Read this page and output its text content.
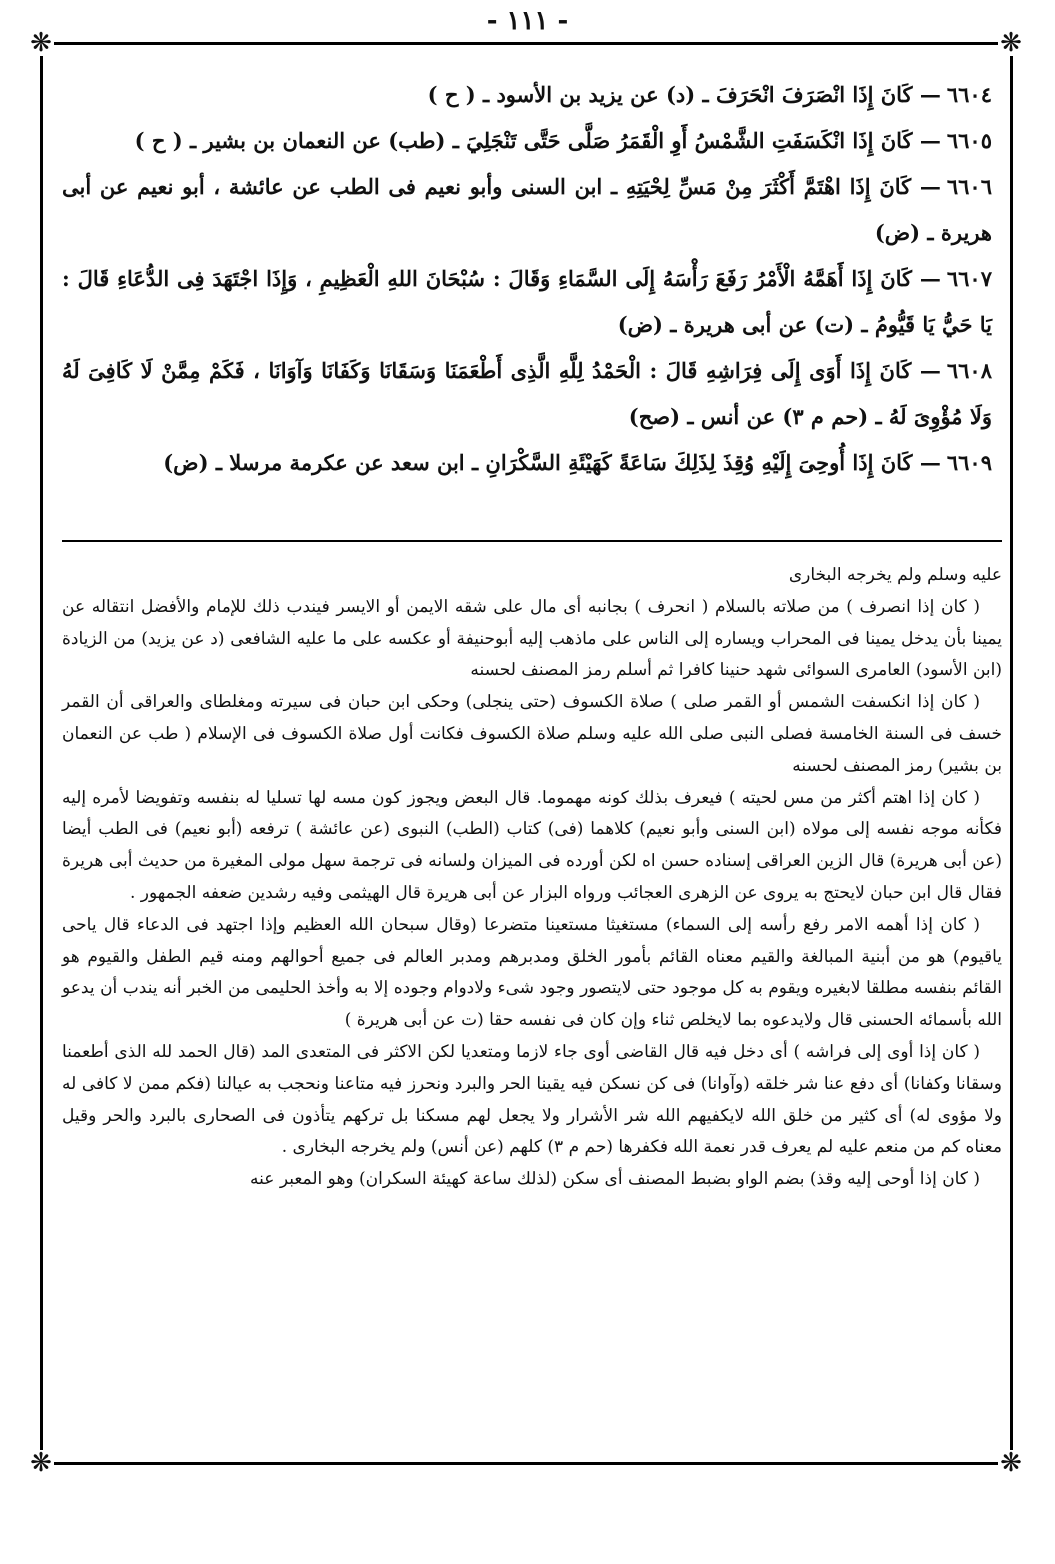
- ١١١ -
❋	❋
❋	❋
٦٦٠٤— كَانَ إِذَا انْصَرَفَ انْحَرَفَ ـ (د) عن يزيد بن الأسود ـ ( ح )
٦٦٠٥— كَانَ إِذَا انْكَسَفَتِ الشَّمْسُ أَوِ الْقَمَرُ صَلَّى حَتَّى تَنْجَلِيَ ـ (طب) عن النعمان بن بشير ـ ( ح )
٦٦٠٦— كَانَ إِذَا اهْتَمَّ أَكْثَرَ مِنْ مَسِّ لِحْيَتِهِ ـ ابن السنى وأبو نعيم فى الطب عن عائشة ، أبو نعيم عن أبى هريرة ـ (ض)
٦٦٠٧— كَانَ إِذَا أَهَمَّهُ الْأَمْرُ رَفَعَ رَأْسَهُ إِلَى السَّمَاءِ وَقَالَ : سُبْحَانَ اللهِ الْعَظِيمِ ، وَإِذَا اجْتَهَدَ فِى الدُّعَاءِ قَالَ : يَا حَيُّ يَا قَيُّومُ ـ (ت) عن أبى هريرة ـ (ض)
٦٦٠٨— كَانَ إِذَا أَوَى إِلَى فِرَاشِهِ قَالَ : الْحَمْدُ لِلَّهِ الَّذِى أَطْعَمَنَا وَسَقَانَا وَكَفَانَا وَآوَانَا ، فَكَمْ مِمَّنْ لَا كَافِىَ لَهُ وَلَا مُؤْوِىَ لَهُ ـ (حم م ٣) عن أنس ـ (صح)
٦٦٠٩— كَانَ إِذَا أُوحِىَ إِلَيْهِ وُقِذَ لِذَلِكَ سَاعَةً كَهَيْئَةِ السَّكْرَانِ ـ ابن سعد عن عكرمة مرسلا ـ (ض)

عليه وسلم ولم يخرجه البخارى

( كان إذا انصرف ) من صلاته بالسلام ( انحرف ) بجانبه أى مال على شقه الايمن أو الايسر فيندب ذلك للإمام والأفضل انتقاله عن يمينا بأن يدخل يمينا فى المحراب ويساره إلى الناس على ماذهب إليه أبوحنيفة أو عكسه على ما عليه الشافعى (د عن يزيد) من الزيادة (ابن الأسود) العامرى السوائى شهد حنينا كافرا ثم أسلم رمز المصنف لحسنه

( كان إذا انكسفت الشمس أو القمر صلى ) صلاة الكسوف (حتى ينجلى) وحكى ابن حبان فى سيرته ومغلطاى والعراقى أن القمر خسف فى السنة الخامسة فصلى النبى صلى الله عليه وسلم صلاة الكسوف فكانت أول صلاة الكسوف فى الإسلام ( طب عن النعمان بن بشير) رمز المصنف لحسنه

( كان إذا اهتم أكثر من مس لحيته ) فيعرف بذلك كونه مهموما. قال البعض ويجوز كون مسه لها تسليا له بنفسه وتفويضا لأمره إليه فكأنه موجه نفسه إلى مولاه (ابن السنى وأبو نعيم) كلاهما (فى) كتاب (الطب) النبوى (عن عائشة ) ترفعه (أبو نعيم) فى الطب أيضا (عن أبى هريرة) قال الزين العراقى إسناده حسن اه لكن أورده فى الميزان ولسانه فى ترجمة سهل مولى المغيرة من حديث أبى هريرة فقال قال ابن حبان لايحتج به يروى عن الزهرى العجائب ورواه البزار عن أبى هريرة قال الهيثمى وفيه رشدين ضعفه الجمهور .

( كان إذا أهمه الامر رفع رأسه إلى السماء) مستغيثا مستعينا متضرعا (وقال سبحان الله العظيم وإذا اجتهد فى الدعاء قال ياحى ياقيوم) هو من أبنية المبالغة والقيم معناه القائم بأمور الخلق ومدبرهم ومدبر العالم فى جميع أحوالهم ومنه قيم الطفل والقيوم هو القائم بنفسه مطلقا لابغيره ويقوم به كل موجود حتى لايتصور وجود شىء ولادوام وجوده إلا به وأخذ الحليمى من الخبر أنه يندب أن يدعو الله بأسمائه الحسنى قال ولايدعوه بما لايخلص ثناء وإن كان فى نفسه حقا (ت عن أبى هريرة )

( كان إذا أوى إلى فراشه ) أى دخل فيه قال القاضى أوى جاء لازما ومتعديا لكن الاكثر فى المتعدى المد (قال الحمد لله الذى أطعمنا وسقانا وكفانا) أى دفع عنا شر خلقه (وآوانا) فى كن نسكن فيه يقينا الحر والبرد ونحرز فيه متاعنا ونحجب به عيالنا (فكم ممن لا كافى له ولا مؤوى له) أى كثير من خلق الله لايكفيهم الله شر الأشرار ولا يجعل لهم مسكنا بل تركهم يتأذون فى الصحارى بالبرد والحر وقيل معناه كم من منعم عليه لم يعرف قدر نعمة الله فكفرها (حم م ٣) كلهم (عن أنس) ولم يخرجه البخارى .

( كان إذا أوحى إليه وقذ) بضم الواو بضبط المصنف أى سكن (لذلك ساعة كهيئة السكران) وهو المعبر عنه
